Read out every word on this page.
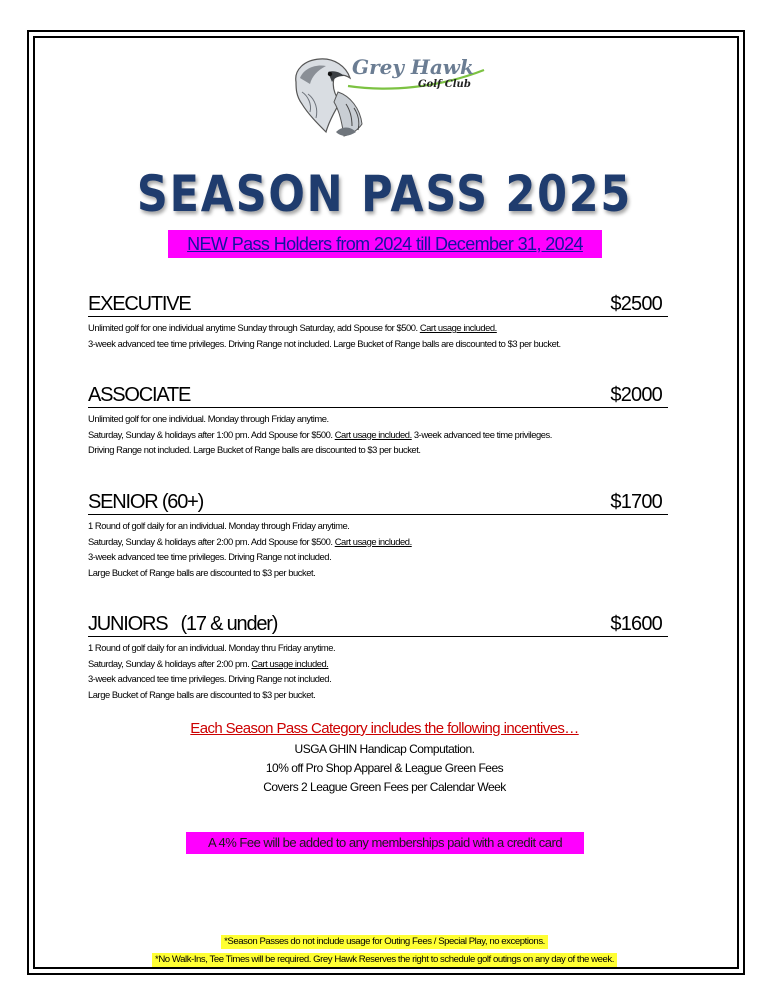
Grey Hawk
Golf Club
SEASON PASS 2025
NEW Pass Holders from 2024 till December 31, 2024
EXECUTIVE	$2500
Unlimited golf for one individual anytime Sunday through Saturday, add Spouse for $500. Cart usage included.
3-week advanced tee time privileges. Driving Range not included. Large Bucket of Range balls are discounted to $3 per bucket.
ASSOCIATE	$2000
Unlimited golf for one individual. Monday through Friday anytime.
Saturday, Sunday & holidays after 1:00 pm. Add Spouse for $500. Cart usage included. 3-week advanced tee time privileges.
Driving Range not included. Large Bucket of Range balls are discounted to $3 per bucket.
SENIOR (60+)	$1700
1 Round of golf daily for an individual. Monday through Friday anytime.
Saturday, Sunday & holidays after 2:00 pm. Add Spouse for $500. Cart usage included.
3-week advanced tee time privileges. Driving Range not included.
Large Bucket of Range balls are discounted to $3 per bucket.
JUNIORS   (17 & under)	$1600
1 Round of golf daily for an individual. Monday thru Friday anytime.
Saturday, Sunday & holidays after 2:00 pm. Cart usage included.
3-week advanced tee time privileges. Driving Range not included.
Large Bucket of Range balls are discounted to $3 per bucket.
Each Season Pass Category includes the following incentives…
USGA GHIN Handicap Computation.
10% off Pro Shop Apparel & League Green Fees
Covers 2 League Green Fees per Calendar Week
A 4% Fee will be added to any memberships paid with a credit card
*Season Passes do not include usage for Outing Fees / Special Play, no exceptions.
*No Walk-Ins, Tee Times will be required. Grey Hawk Reserves the right to schedule golf outings on any day of the week.
